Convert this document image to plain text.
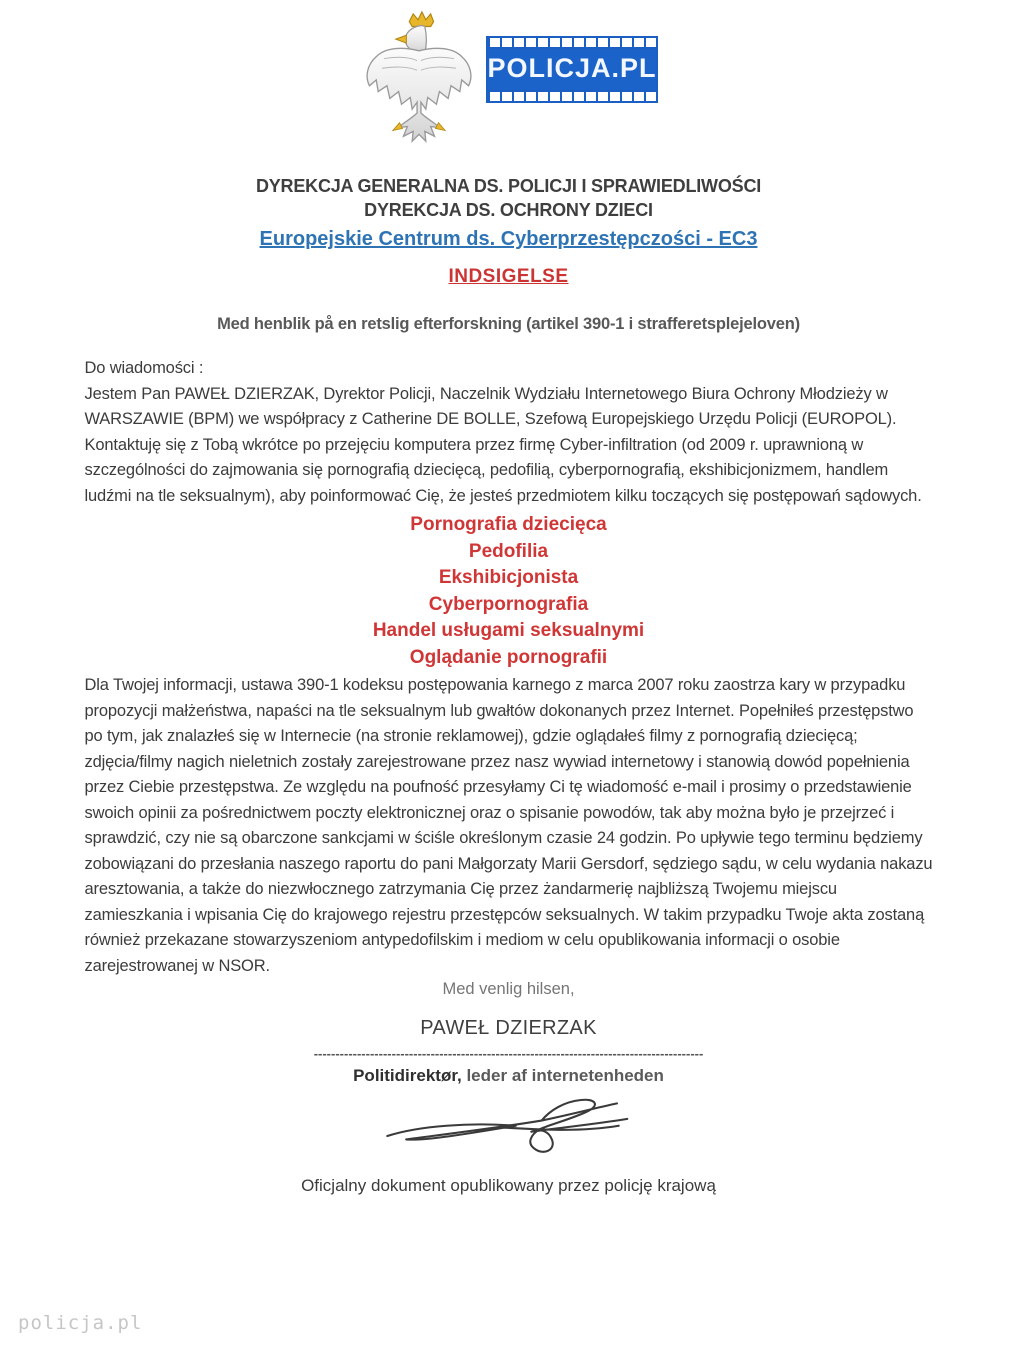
POLICJA.PL
DYREKCJA GENERALNA DS. POLICJI I SPRAWIEDLIWOŚCI
DYREKCJA DS. OCHRONY DZIECI
Europejskie Centrum ds. Cyberprzestępczości - EC3
INDSIGELSE
Med henblik på en retslig efterforskning (artikel 390-1 i strafferetsplejeloven)
Do wiadomości :
Jestem Pan PAWEŁ DZIERZAK, Dyrektor Policji, Naczelnik Wydziału Internetowego Biura Ochrony Młodzieży w WARSZAWIE (BPM) we współpracy z Catherine DE BOLLE, Szefową Europejskiego Urzędu Policji (EUROPOL). Kontaktuję się z Tobą wkrótce po przejęciu komputera przez firmę Cyber-infiltration (od 2009 r. uprawnioną w szczególności do zajmowania się pornografią dziecięcą, pedofilią, cyberpornografią, ekshibicjonizmem, handlem ludźmi na tle seksualnym), aby poinformować Cię, że jesteś przedmiotem kilku toczących się postępowań sądowych.
Pornografia dziecięca
Pedofilia
Ekshibicjonista
Cyberpornografia
Handel usługami seksualnymi
Oglądanie pornografii
Dla Twojej informacji, ustawa 390-1 kodeksu postępowania karnego z marca 2007 roku zaostrza kary w przypadku propozycji małżeństwa, napaści na tle seksualnym lub gwałtów dokonanych przez Internet. Popełniłeś przestępstwo po tym, jak znalazłeś się w Internecie (na stronie reklamowej), gdzie oglądałeś filmy z pornografią dziecięcą; zdjęcia/filmy nagich nieletnich zostały zarejestrowane przez nasz wywiad internetowy i stanowią dowód popełnienia przez Ciebie przestępstwa. Ze względu na poufność przesyłamy Ci tę wiadomość e-mail i prosimy o przedstawienie swoich opinii za pośrednictwem poczty elektronicznej oraz o spisanie powodów, tak aby można było je przejrzeć i sprawdzić, czy nie są obarczone sankcjami w ściśle określonym czasie 24 godzin. Po upływie tego terminu będziemy zobowiązani do przesłania naszego raportu do pani Małgorzaty Marii Gersdorf, sędziego sądu, w celu wydania nakazu aresztowania, a także do niezwłocznego zatrzymania Cię przez żandarmerię najbliższą Twojemu miejscu zamieszkania i wpisania Cię do krajowego rejestru przestępców seksualnych. W takim przypadku Twoje akta zostaną również przekazane stowarzyszeniom antypedofilskim i mediom w celu opublikowania informacji o osobie zarejestrowanej w NSOR.
Med venlig hilsen,
PAWEŁ DZIERZAK
------------------------------------------------------------------------------------------
Politidirektør, leder af internetenheden
Oficjalny dokument opublikowany przez policję krajową
policja.pl
